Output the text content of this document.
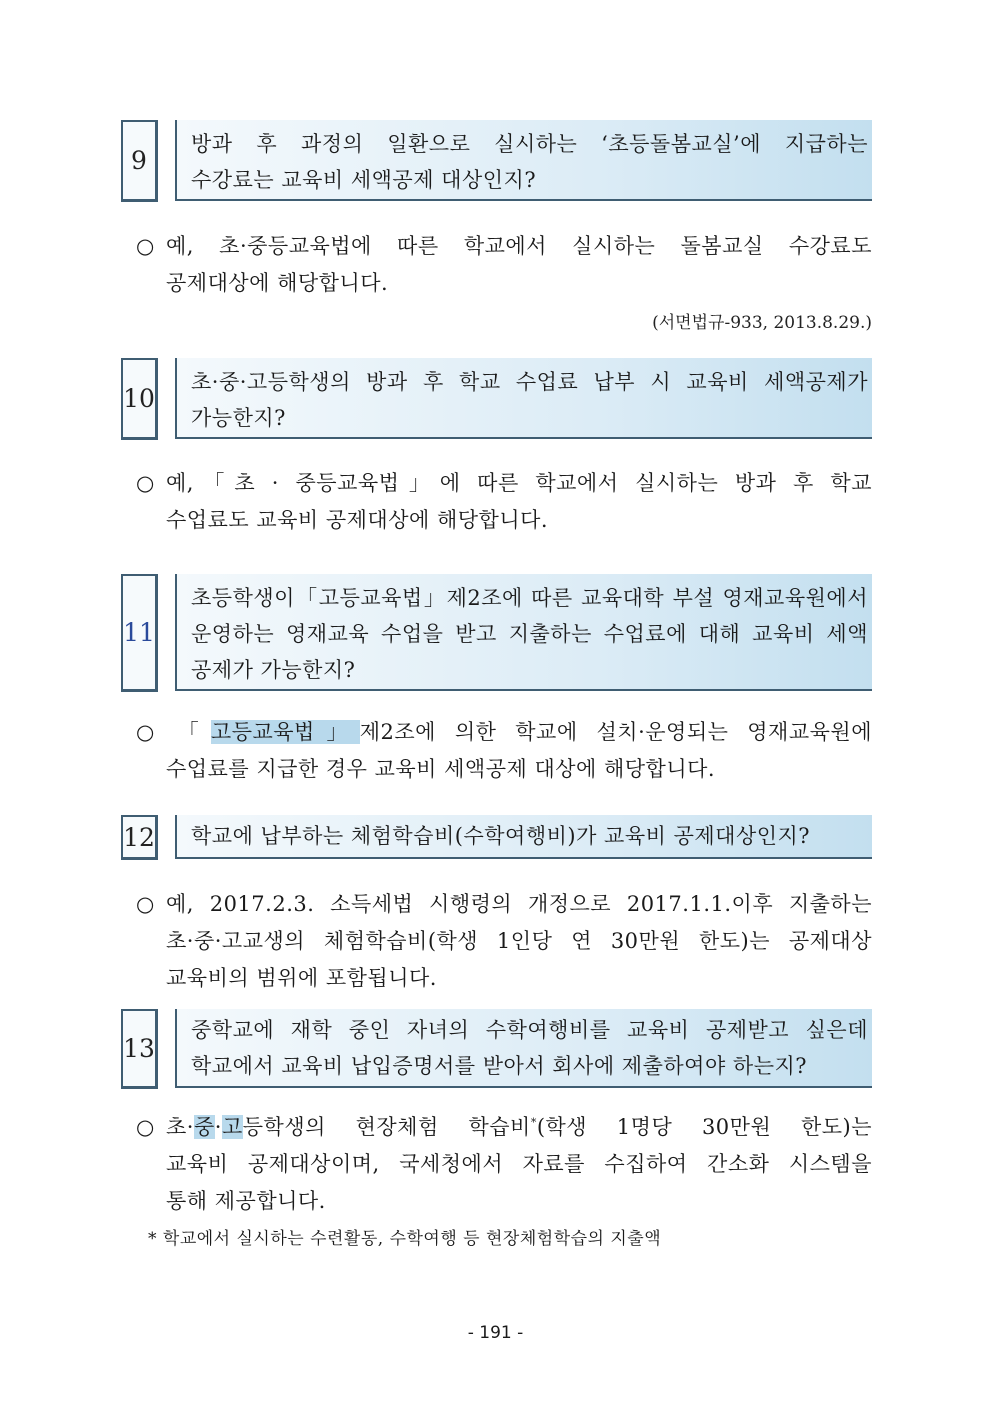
9
방과 후 과정의 일환으로 실시하는 ‘초등돌봄교실’에 지급하는
수강료는 교육비 세액공제 대상인지?
○ 예, 초·중등교육법에 따른 학교에서 실시하는 돌봄교실 수강료도
공제대상에 해당합니다.
(서면법규-933, 2013.8.29.)
10
초·중·고등학생의 방과 후 학교 수업료 납부 시 교육비 세액공제가
가능한지?
○ 예,「초 · 중등교육법」에 따른 학교에서 실시하는 방과 후 학교
수업료도 교육비 공제대상에 해당합니다.
11
초등학생이「고등교육법」제2조에 따른 교육대학 부설 영재교육원에서
운영하는 영재교육 수업을 받고 지출하는 수업료에 대해 교육비 세액
공제가 가능한지?
○ 「고등교육법」제2조에 의한 학교에 설치·운영되는 영재교육원에
수업료를 지급한 경우 교육비 세액공제 대상에 해당합니다.
12 학교에 납부하는 체험학습비(수학여행비)가 교육비 공제대상인지?
○ 예, 2017.2.3. 소득세법 시행령의 개정으로 2017.1.1.이후 지출하는
초·중·고교생의 체험학습비(학생 1인당 연 30만원 한도)는 공제대상
교육비의 범위에 포함됩니다.
13
중학교에 재학 중인 자녀의 수학여행비를 교육비 공제받고 싶은데
학교에서 교육비 납입증명서를 받아서 회사에 제출하여야 하는지?
○ 초·중·고등학생의 현장체험 학습비*(학생 1명당 30만원 한도)는
교육비 공제대상이며, 국세청에서 자료를 수집하여 간소화 시스템을
통해 제공합니다.
* 학교에서 실시하는 수련활동, 수학여행 등 현장체험학습의 지출액
- 191 -
